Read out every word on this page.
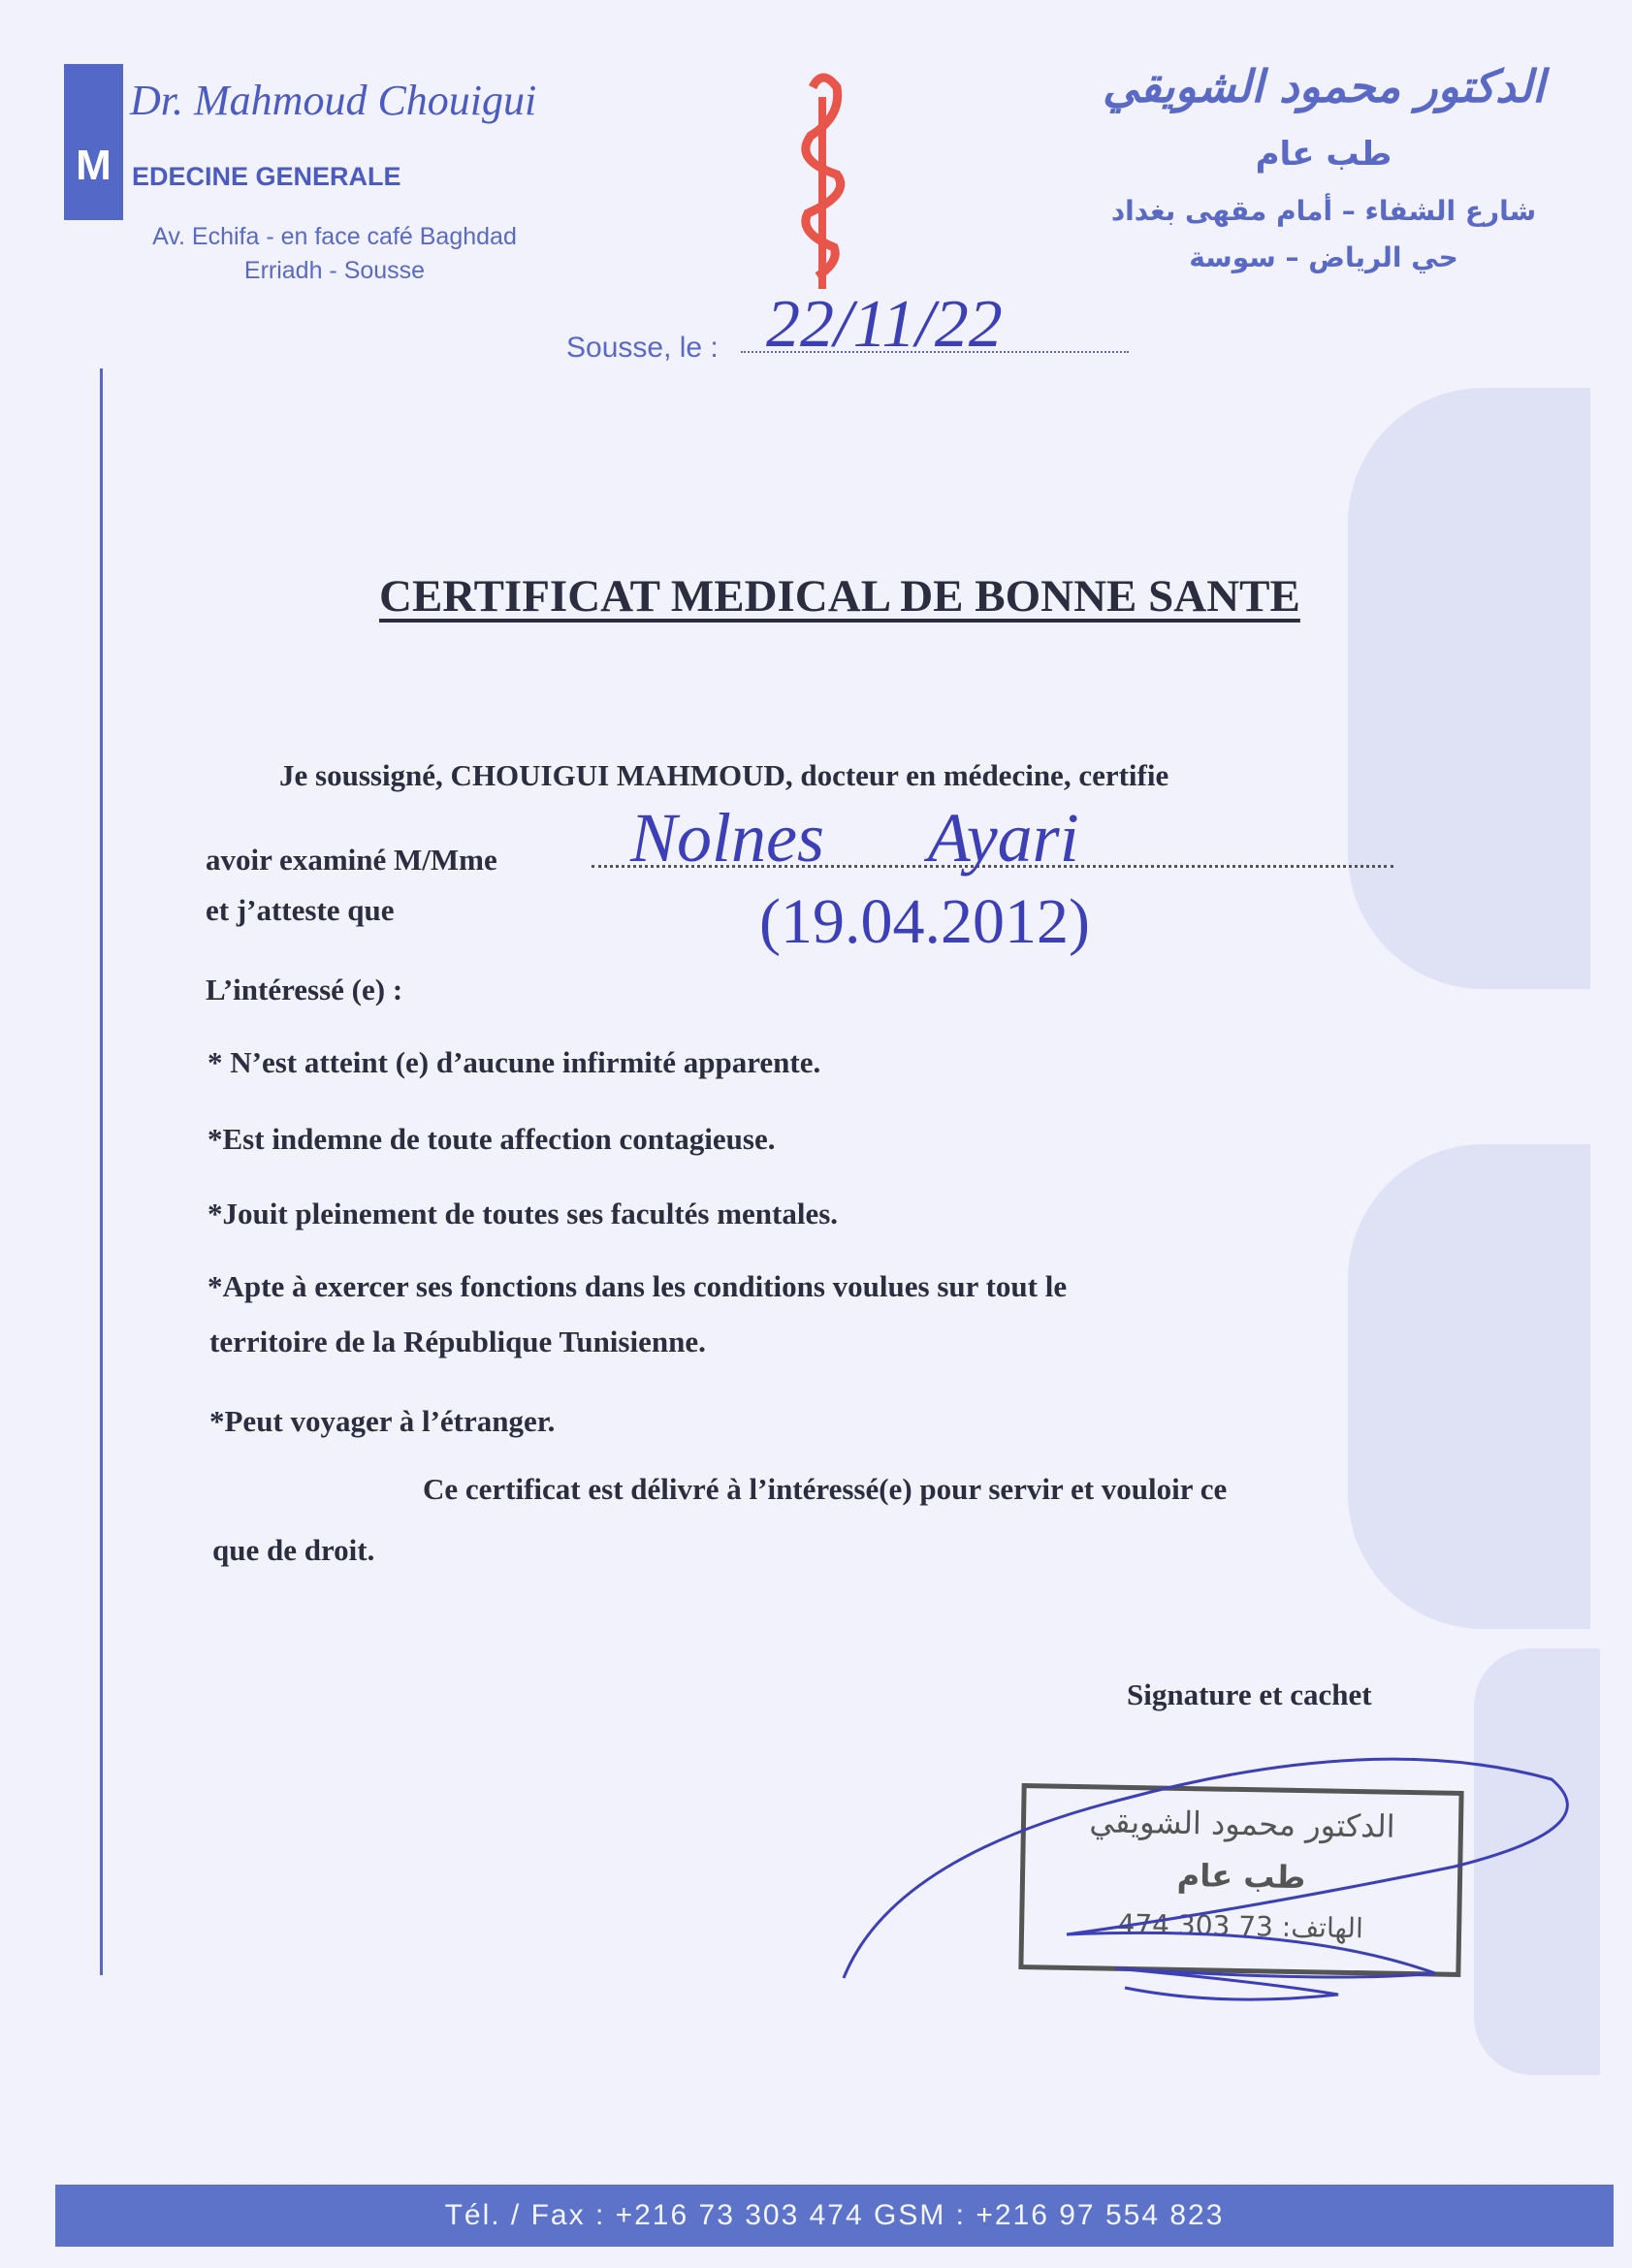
M
Dr. Mahmoud Chouigui
EDECINE GENERALE
Av. Echifa - en face café Baghdad
Erriadh - Sousse
الدكتور محمود الشويقي
طب عام
شارع الشفاء – أمام مقهى بغداد
حي الرياض – سوسة
Sousse, le : 22/11/22
CERTIFICAT MEDICAL DE BONNE SANTE
Je soussigné, CHOUIGUI MAHMOUD, docteur en médecine, certifie
avoir examiné M/Mme Nolnes      Ayari
et j’atteste que	(19.04.2012)
L’intéressé (e) :
* N’est atteint (e) d’aucune infirmité apparente.
*Est indemne de toute affection contagieuse.
*Jouit pleinement de toutes ses facultés mentales.
*Apte à exercer ses fonctions dans les conditions voulues sur tout le
territoire de la République Tunisienne.
*Peut voyager à l’étranger.
Ce certificat est délivré à l’intéressé(e) pour servir et vouloir ce
que de droit.
Signature et cachet
الدكتور محمود الشويقي
طب عام
الهاتف: 73 303 474
Tél. / Fax : +216 73 303 474 GSM : +216 97 554 823
